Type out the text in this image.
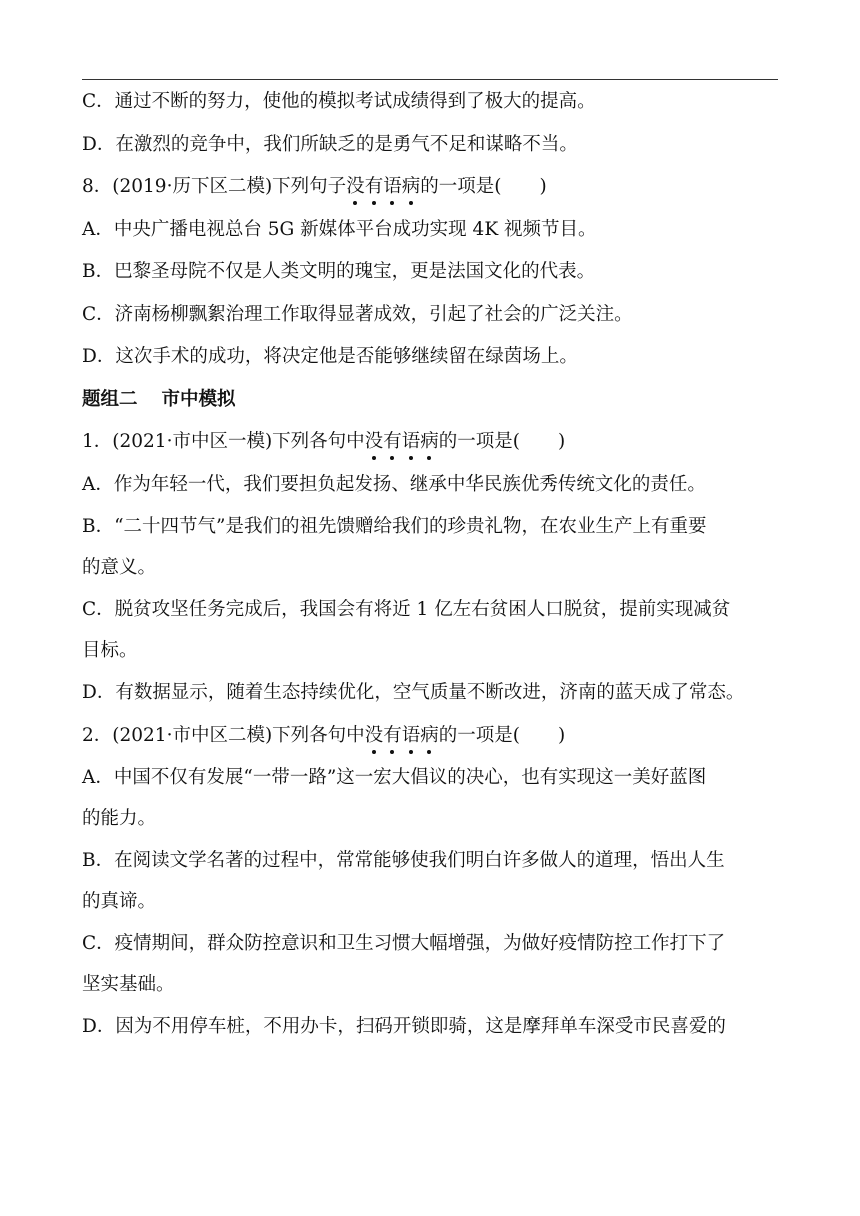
C．通过不断的努力，使他的模拟考试成绩得到了极大的提高。
D．在激烈的竞争中，我们所缺乏的是勇气不足和谋略不当。
8．(2019·历下区二模)下列句子没有语病的一项是( )
A．中央广播电视总台 5G 新媒体平台成功实现 4K 视频节目。
B．巴黎圣母院不仅是人类文明的瑰宝，更是法国文化的代表。
C．济南杨柳飘絮治理工作取得显著成效，引起了社会的广泛关注。
D．这次手术的成功，将决定他是否能够继续留在绿茵场上。
题组二 市中模拟
1．(2021·市中区一模)下列各句中没有语病的一项是( )
A．作为年轻一代，我们要担负起发扬、继承中华民族优秀传统文化的责任。
B．“二十四节气”是我们的祖先馈赠给我们的珍贵礼物，在农业生产上有重要
的意义。
C．脱贫攻坚任务完成后，我国会有将近 1 亿左右贫困人口脱贫，提前实现减贫
目标。
D．有数据显示，随着生态持续优化，空气质量不断改进，济南的蓝天成了常态。
2．(2021·市中区二模)下列各句中没有语病的一项是( )
A．中国不仅有发展“一带一路”这一宏大倡议的决心，也有实现这一美好蓝图
的能力。
B．在阅读文学名著的过程中，常常能够使我们明白许多做人的道理，悟出人生
的真谛。
C．疫情期间，群众防控意识和卫生习惯大幅增强，为做好疫情防控工作打下了
坚实基础。
D．因为不用停车桩，不用办卡，扫码开锁即骑，这是摩拜单车深受市民喜爱的
